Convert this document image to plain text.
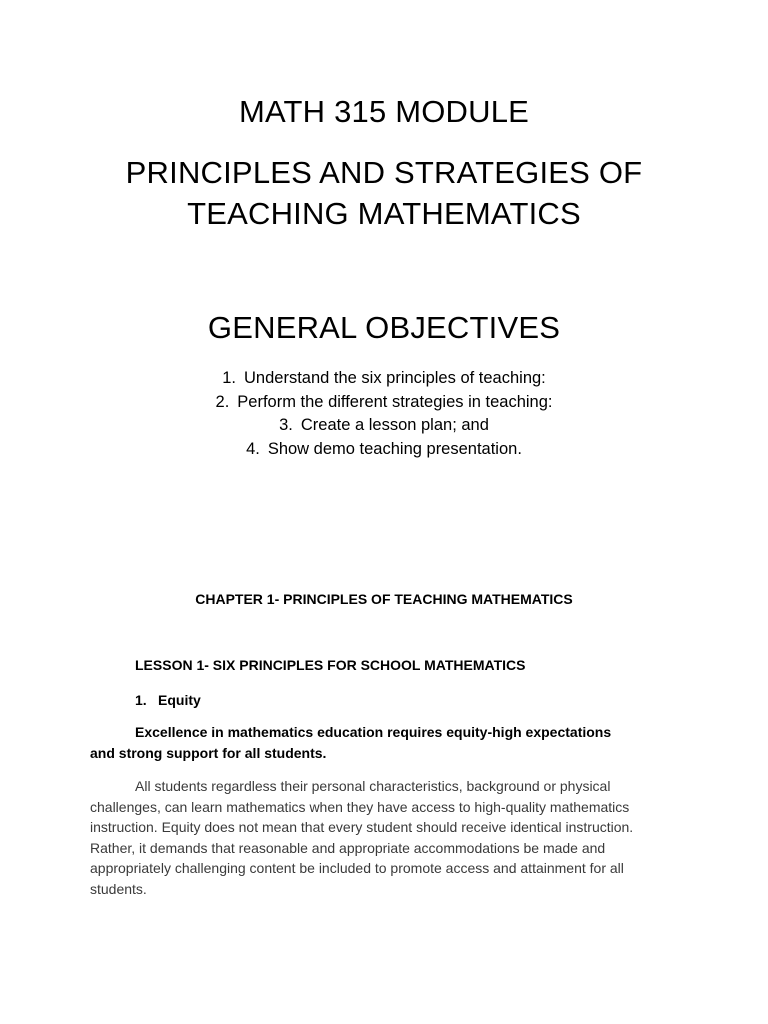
MATH 315 MODULE
PRINCIPLES AND STRATEGIES OF
TEACHING MATHEMATICS
GENERAL OBJECTIVES
1. Understand the six principles of teaching:
2. Perform the different strategies in teaching:
3. Create a lesson plan; and
4. Show demo teaching presentation.
CHAPTER 1- PRINCIPLES OF TEACHING MATHEMATICS
LESSON 1- SIX PRINCIPLES FOR SCHOOL MATHEMATICS
1. Equity
Excellence in mathematics education requires equity-high expectations
and strong support for all students.
All students regardless their personal characteristics, background or physical
challenges, can learn mathematics when they have access to high-quality mathematics
instruction. Equity does not mean that every student should receive identical instruction.
Rather, it demands that reasonable and appropriate accommodations be made and
appropriately challenging content be included to promote access and attainment for all
students.
